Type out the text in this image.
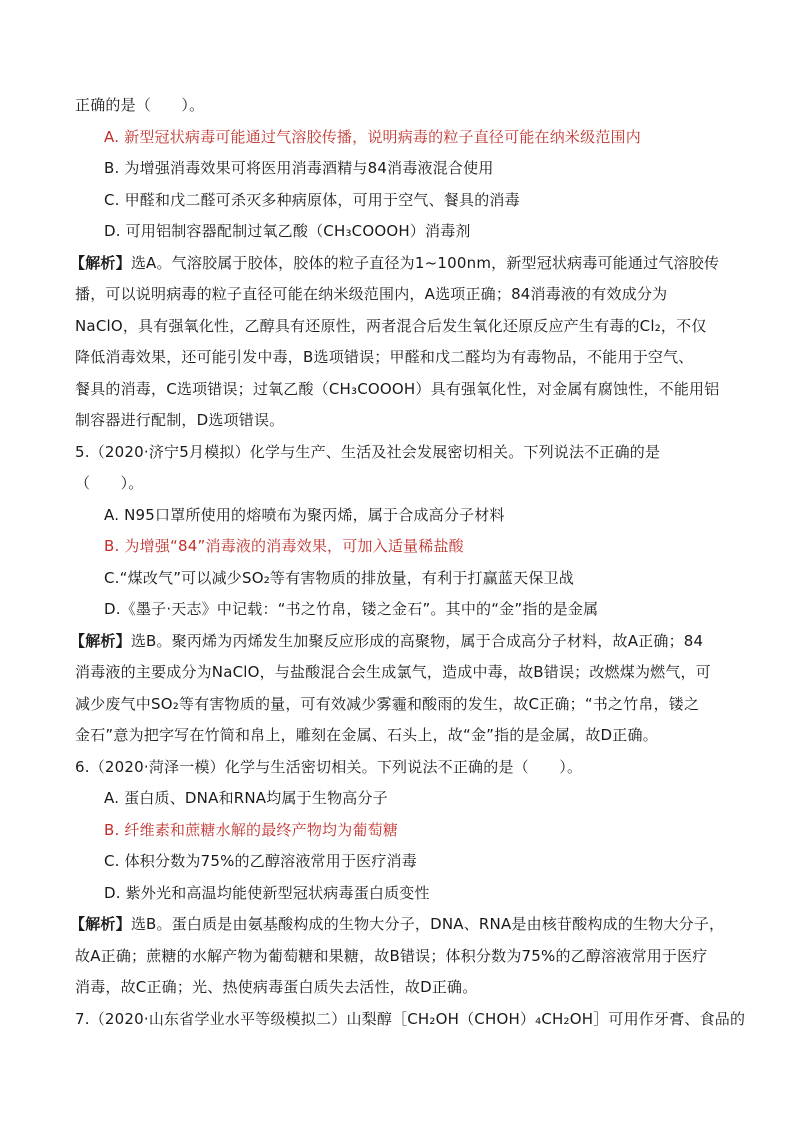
正确的是（　　）。
A. 新型冠状病毒可能通过气溶胶传播，说明病毒的粒子直径可能在纳米级范围内
B. 为增强消毒效果可将医用消毒酒精与84消毒液混合使用
C. 甲醛和戊二醛可杀灭多种病原体，可用于空气、餐具的消毒
D. 可用铝制容器配制过氧乙酸（CH₃COOOH）消毒剂
【解析】选A。气溶胶属于胶体，胶体的粒子直径为1~100nm，新型冠状病毒可能通过气溶胶传
播，可以说明病毒的粒子直径可能在纳米级范围内，A选项正确；84消毒液的有效成分为
NaClO，具有强氧化性，乙醇具有还原性，两者混合后发生氧化还原反应产生有毒的Cl₂，不仅
降低消毒效果，还可能引发中毒，B选项错误；甲醛和戊二醛均为有毒物品，不能用于空气、
餐具的消毒，C选项错误；过氧乙酸（CH₃COOOH）具有强氧化性，对金属有腐蚀性，不能用铝
制容器进行配制，D选项错误。
5.（2020·济宁5月模拟）化学与生产、生活及社会发展密切相关。下列说法不正确的是
（　　）。
A. N95口罩所使用的熔喷布为聚丙烯，属于合成高分子材料
B. 为增强“84”消毒液的消毒效果，可加入适量稀盐酸
C.“煤改气”可以减少SO₂等有害物质的排放量，有利于打赢蓝天保卫战
D.《墨子·天志》中记载：“书之竹帛，镂之金石”。其中的“金”指的是金属
【解析】选B。聚丙烯为丙烯发生加聚反应形成的高聚物，属于合成高分子材料，故A正确；84
消毒液的主要成分为NaClO，与盐酸混合会生成氯气，造成中毒，故B错误；改燃煤为燃气，可
减少废气中SO₂等有害物质的量，可有效减少雾霾和酸雨的发生，故C正确；“书之竹帛，镂之
金石”意为把字写在竹简和帛上，雕刻在金属、石头上，故“金”指的是金属，故D正确。
6.（2020·菏泽一模）化学与生活密切相关。下列说法不正确的是（　　）。
A. 蛋白质、DNA和RNA均属于生物高分子
B. 纤维素和蔗糖水解的最终产物均为葡萄糖
C. 体积分数为75%的乙醇溶液常用于医疗消毒
D. 紫外光和高温均能使新型冠状病毒蛋白质变性
【解析】选B。蛋白质是由氨基酸构成的生物大分子，DNA、RNA是由核苷酸构成的生物大分子，
故A正确；蔗糖的水解产物为葡萄糖和果糖，故B错误；体积分数为75%的乙醇溶液常用于医疗
消毒，故C正确；光、热使病毒蛋白质失去活性，故D正确。
7.（2020·山东省学业水平等级模拟二）山梨醇［CH₂OH（CHOH）₄CH₂OH］可用作牙膏、食品的
